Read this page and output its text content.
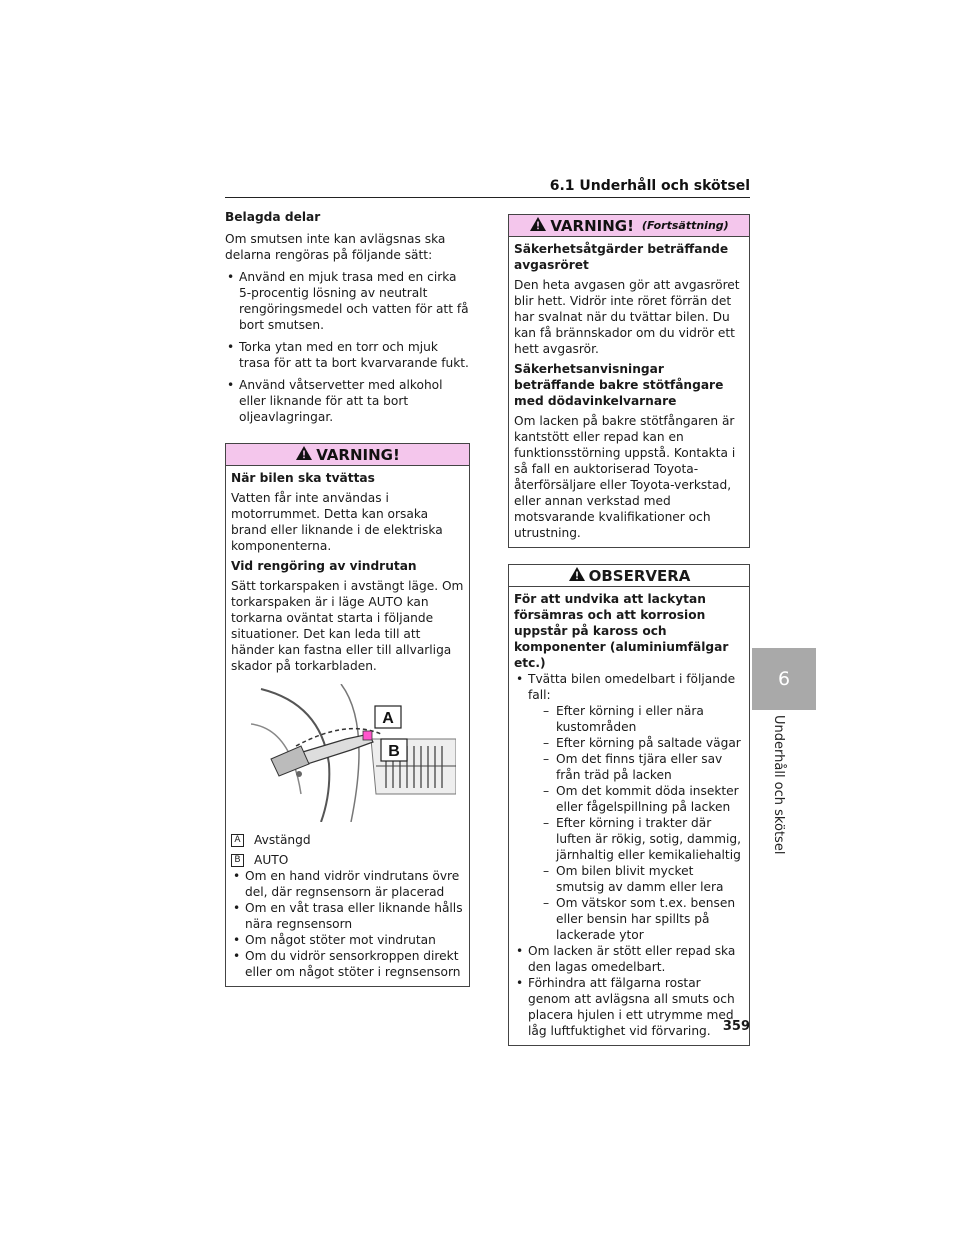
6.1 Underhåll och skötsel
6
Underhåll och skötsel

Belagda delar

Om smutsen inte kan avlägsnas ska delarna rengöras på följande sätt:

• Använd en mjuk trasa med en cirka 5-procentig lösning av neutralt rengöringsmedel och vatten för att få bort smutsen.
• Torka ytan med en torr och mjuk trasa för att ta bort kvarvarande fukt.
• Använd våtservetter med alkohol eller liknande för att ta bort oljeavlagringar.
VARNING!

När bilen ska tvättas

Vatten får inte användas i motorrummet. Detta kan orsaka brand eller liknande i de elektriska komponenterna.

Vid rengöring av vindrutan

Sätt torkarspaken i avstängt läge. Om torkarspaken är i läge AUTO kan torkarna oväntat starta i följande situationer. Det kan leda till att händer kan fastna eller till allvarliga skador på torkarbladen.

A
B

A Avstängd

B AUTO

• Om en hand vidrör vindrutans övre del, där regnsensorn är placerad
• Om en våt trasa eller liknande hålls nära regnsensorn
• Om något stöter mot vindrutan
• Om du vidrör sensorkroppen direkt eller om något stöter i regnsensorn
VARNING! (Fortsättning)

Säkerhetsåtgärder beträffande avgasröret

Den heta avgasen gör att avgasröret blir hett. Vidrör inte röret förrän det har svalnat när du tvättar bilen. Du kan få brännskador om du vidrör ett hett avgasrör.

Säkerhetsanvisningar beträffande bakre stötfångare med dödavinkelvarnare

Om lacken på bakre stötfångaren är kantstött eller repad kan en funktionsstörning uppstå. Kontakta i så fall en auktoriserad Toyota-återförsäljare eller Toyota-verkstad, eller annan verkstad med motsvarande kvalifikationer och utrustning.

OBSERVERA

För att undvika att lackytan försämras och att korrosion uppstår på kaross och komponenter (aluminiumfälgar etc.)

• Tvätta bilen omedelbart i följande fall:
– Efter körning i eller nära kustområden
– Efter körning på saltade vägar
– Om det finns tjära eller sav från träd på lacken
– Om det kommit döda insekter eller fågelspillning på lacken
– Efter körning i trakter där luften är rökig, sotig, dammig, järnhaltig eller kemikaliehaltig
– Om bilen blivit mycket smutsig av damm eller lera
– Om vätskor som t.ex. bensen eller bensin har spillts på lackerade ytor
• Om lacken är stött eller repad ska den lagas omedelbart.
• Förhindra att fälgarna rostar genom att avlägsna all smuts och placera hjulen i ett utrymme med låg luftfuktighet vid förvaring. 359
